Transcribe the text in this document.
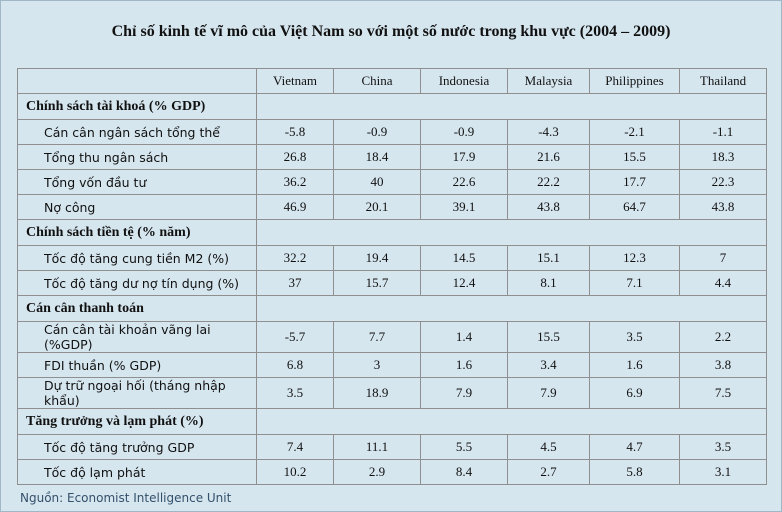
Chỉ số kinh tế vĩ mô của Việt Nam so với một số nước trong khu vực (2004 – 2009)
	Vietnam	China	Indonesia	Malaysia	Philippines	Thailand
Chính sách tài khoá (% GDP)						
Cán cân ngân sách tổng thể	-5.8	-0.9	-0.9	-4.3	-2.1	-1.1
Tổng thu ngân sách	26.8	18.4	17.9	21.6	15.5	18.3
Tổng vốn đầu tư	36.2	40	22.6	22.2	17.7	22.3
Nợ công	46.9	20.1	39.1	43.8	64.7	43.8
Chính sách tiền tệ (% năm)						
Tốc độ tăng cung tiền M2 (%)	32.2	19.4	14.5	15.1	12.3	7
Tốc độ tăng dư nợ tín dụng (%)	37	15.7	12.4	8.1	7.1	4.4
Cán cân thanh toán						
Cán cân tài khoản vãng lai (%GDP)	-5.7	7.7	1.4	15.5	3.5	2.2
FDI thuần (% GDP)	6.8	3	1.6	3.4	1.6	3.8
Dự trữ ngoại hối (tháng nhập khẩu)	3.5	18.9	7.9	7.9	6.9	7.5
Tăng trưởng và lạm phát (%)						
Tốc độ tăng trưởng GDP	7.4	11.1	5.5	4.5	4.7	3.5
Tốc độ lạm phát	10.2	2.9	8.4	2.7	5.8	3.1
Nguồn: Economist Intelligence Unit
